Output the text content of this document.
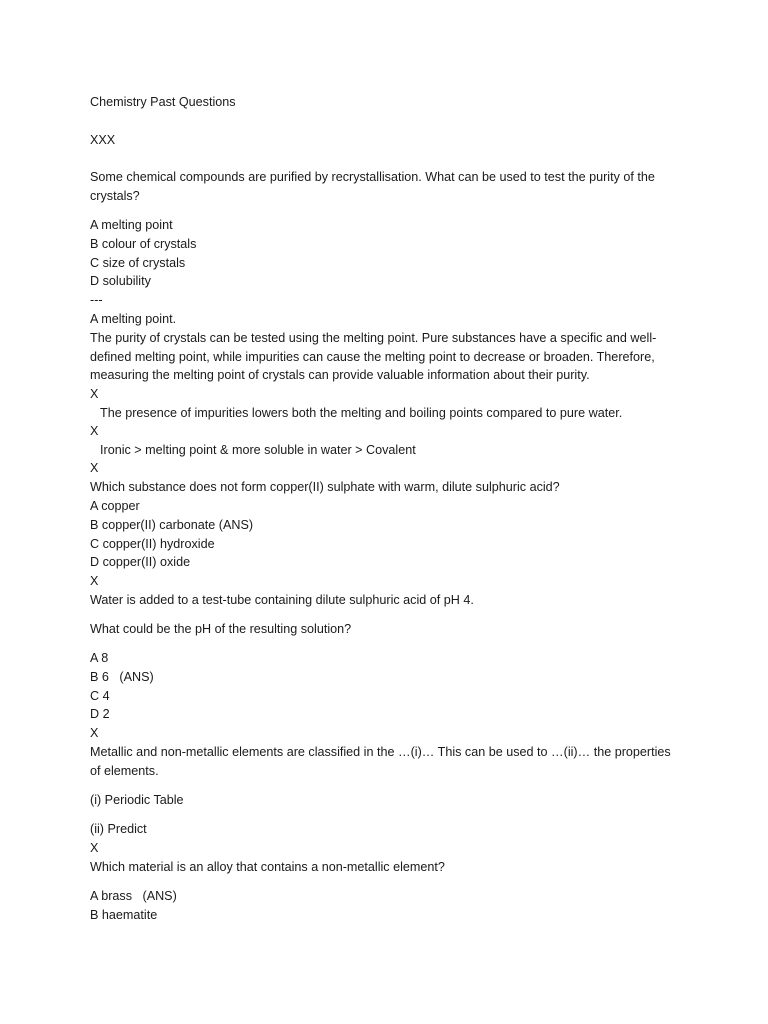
Chemistry Past Questions
XXX
Some chemical compounds are purified by recrystallisation. What can be used to test the purity of the crystals?
A melting point
B colour of crystals
C size of crystals
D solubility
---
A melting point.
The purity of crystals can be tested using the melting point. Pure substances have a specific and well-defined melting point, while impurities can cause the melting point to decrease or broaden. Therefore, measuring the melting point of crystals can provide valuable information about their purity.
X
The presence of impurities lowers both the melting and boiling points compared to pure water.
X
Ironic > melting point & more soluble in water > Covalent
X
Which substance does not form copper(II) sulphate with warm, dilute sulphuric acid?
A copper
B copper(II) carbonate (ANS)
C copper(II) hydroxide
D copper(II) oxide
X
Water is added to a test-tube containing dilute sulphuric acid of pH 4.
What could be the pH of the resulting solution?
A 8
B 6   (ANS)
C 4
D 2
X
Metallic and non-metallic elements are classified in the …(i)… This can be used to …(ii)… the properties of elements.
(i) Periodic Table
(ii) Predict
X
Which material is an alloy that contains a non-metallic element?
A brass   (ANS)
B haematite
